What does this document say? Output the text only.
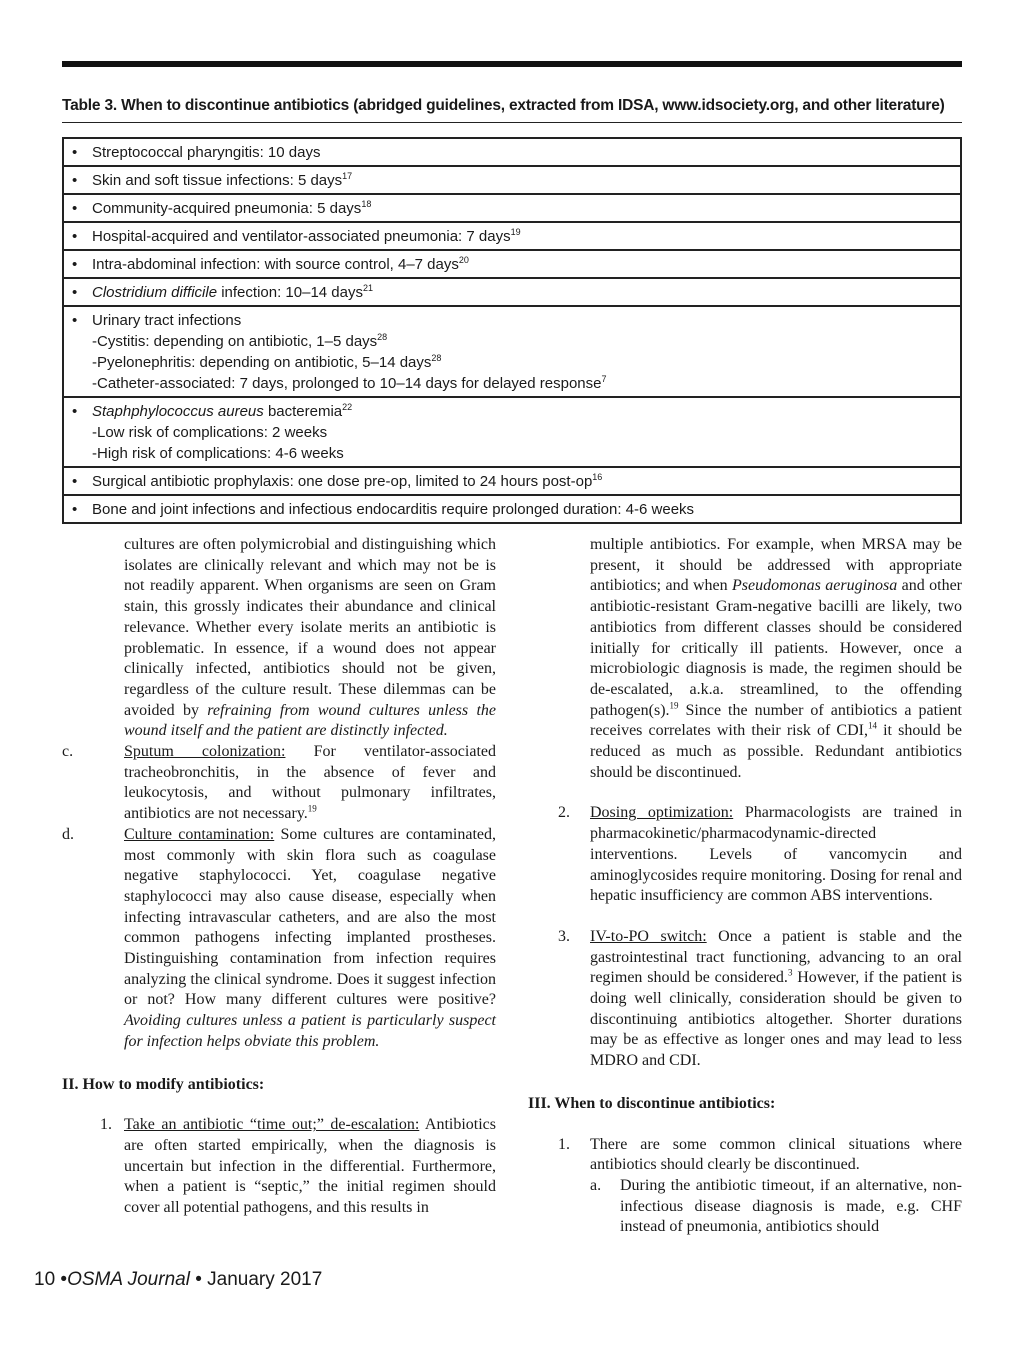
Table 3. When to discontinue antibiotics (abridged guidelines, extracted from IDSA, www.idsociety.org, and other literature)
• Streptococcal pharyngitis: 10 days
• Skin and soft tissue infections: 5 days$^{17}$
• Community-acquired pneumonia: 5 days$^{18}$
• Hospital-acquired and ventilator-associated pneumonia: 7 days$^{19}$
• Intra-abdominal infection: with source control, 4–7 days$^{20}$
• Clostridium difficile infection: 10–14 days$^{21}$
• Urinary tract infections
-Cystitis: depending on antibiotic, 1–5 days$^{28}$
-Pyelonephritis: depending on antibiotic, 5–14 days$^{28}$
-Catheter-associated: 7 days, prolonged to 10–14 days for delayed response$^7$
• Staphphylococcus aureus bacteremia$^{22}$
-Low risk of complications: 2 weeks
-High risk of complications: 4-6 weeks
• Surgical antibiotic prophylaxis: one dose pre-op, limited to 24 hours post-$op^{16}$
• Bone and joint infections and infectious endocarditis require prolonged duration: 4-6 weeks

cultures are often polymicrobial and distinguishing which isolates are clinically relevant and which may not be is not readily apparent. When organisms are seen on Gram stain, this grossly indicates their abundance and clinical relevance. Whether every isolate merits an antibiotic is problematic. In essence, if a wound does not appear clinically infected, antibiotics should not be given, regardless of the culture result. These dilemmas can be avoided by refraining from wound cultures unless the wound itself and the patient are distinctly infected.

c.	Sputum colonization: For ventilator-associated tracheobronchitis, in the absence of fever and leukocytosis, and without pulmonary infiltrates, antibiotics are not necessary.$^{19}$

d.	Culture contamination: Some cultures are contaminated, most commonly with skin flora such as coagulase negative staphylococci. Yet, coagulase negative staphylococci may also cause disease, especially when infecting intravascular catheters, and are also the most common pathogens infecting implanted prostheses. Distinguishing contamination from infection requires analyzing the clinical syndrome. Does it suggest infection or not? How many different cultures were positive? Avoiding cultures unless a patient is particularly suspect for infection helps obviate this problem.

II. How to modify antibiotics:

1. Take an antibiotic “time out;” de-escalation: Antibiotics are often started empirically, when the diagnosis is uncertain but infection in the differential. Furthermore, when a patient is “septic,” the initial regimen should cover all potential pathogens, and this results in

multiple antibiotics. For example, when MRSA may be present, it should be addressed with appropriate antibiotics; and when Pseudomonas aeruginosa and other antibiotic-resistant Gram-negative bacilli are likely, two antibiotics from different classes should be considered initially for critically ill patients. However, once a microbiologic diagnosis is made, the regimen should be de-escalated, a.k.a. streamlined, to the offending pathogen(s).$^{19}$ Since the number of antibiotics a patient receives correlates with their risk of CDI,$^{14}$ it should be reduced as much as possible. Redundant antibiotics should be discontinued.

2.	Dosing optimization: Pharmacologists are trained in pharmacokinetic/pharmacodynamic-directed interventions. Levels of vancomycin and aminoglycosides require monitoring. Dosing for renal and hepatic insufficiency are common ABS interventions.

3.	IV-to-PO switch: Once a patient is stable and the gastrointestinal tract functioning, advancing to an oral regimen should be considered.$^3$ However, if the patient is doing well clinically, consideration should be given to discontinuing antibiotics altogether. Shorter durations may be as effective as longer ones and may lead to less MDRO and CDI.

III. When to discontinue antibiotics:

1.	There are some common clinical situations where antibiotics should clearly be discontinued.

a.	During the antibiotic timeout, if an alternative, non-infectious disease diagnosis is made, e.g. CHF instead of pneumonia, antibiotics should

10 •OSMA Journal • January 2017
